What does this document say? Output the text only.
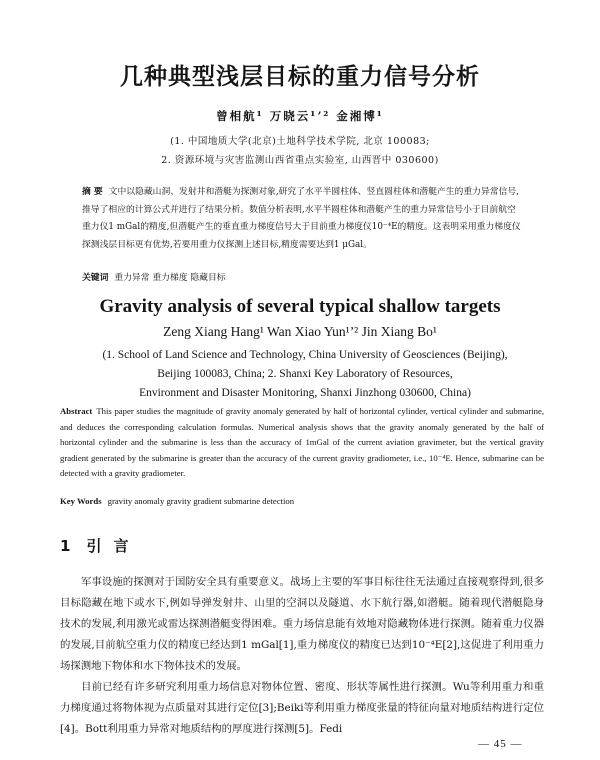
几种典型浅层目标的重力信号分析
曾相航¹ 万晓云¹ʼ² 金湘博¹
(1. 中国地质大学(北京)土地科学技术学院, 北京 100083;
2. 资源环境与灾害监测山西省重点实验室, 山西晋中 030600)
摘 要 文中以隐藏山洞、发射井和潜艇为探测对象,研究了水平半圆柱体、竖直圆柱体和潜艇产生的重力异常信号,推导了相应的计算公式并进行了结果分析。数值分析表明,水平半圆柱体和潜艇产生的重力异常信号小于目前航空重力仪1 mGal的精度,但潜艇产生的垂直重力梯度信号大于目前重力梯度仪10⁻⁴E的精度。这表明采用重力梯度仪探测浅层目标更有优势,若要用重力仪探测上述目标,精度需要达到1 μGal。
关键词 重力异常 重力梯度 隐藏目标
Gravity analysis of several typical shallow targets
Zeng Xiang Hang¹ Wan Xiao Yun¹ʼ² Jin Xiang Bo¹
(1. School of Land Science and Technology, China University of Geosciences (Beijing),
Beijing 100083, China; 2. Shanxi Key Laboratory of Resources,
Environment and Disaster Monitoring, Shanxi Jinzhong 030600, China)
Abstract This paper studies the magnitude of gravity anomaly generated by half of horizontal cylinder, vertical cylinder and submarine, and deduces the corresponding calculation formulas. Numerical analysis shows that the gravity anomaly generated by the half of horizontal cylinder and the submarine is less than the accuracy of 1mGal of the current aviation gravimeter, but the vertical gravity gradient generated by the submarine is greater than the accuracy of the current gravity gradiometer, i.e., 10⁻⁴E. Hence, submarine can be detected with a gravity gradiometer.
Key Words gravity anomaly gravity gradient submarine detection
1 引言
军事设施的探测对于国防安全具有重要意义。战场上主要的军事目标往往无法通过直接观察得到,很多目标隐藏在地下或水下,例如导弹发射井、山里的空洞以及隧道、水下航行器,如潜艇。随着现代潜艇隐身技术的发展,利用激光或雷达探测潜艇变得困难。重力场信息能有效地对隐藏物体进行探测。随着重力仪器的发展,目前航空重力仪的精度已经达到1 mGal[1],重力梯度仪的精度已达到10⁻⁴E[2],这促进了利用重力场探测地下物体和水下物体技术的发展。
目前已经有许多研究利用重力场信息对物体位置、密度、形状等属性进行探测。Wu等利用重力和重力梯度通过将物体视为点质量对其进行定位[3];Beiki等利用重力梯度张量的特征向量对地质结构进行定位[4]。Bott利用重力异常对地质结构的厚度进行探测[5]。Fedi
— 45 —
